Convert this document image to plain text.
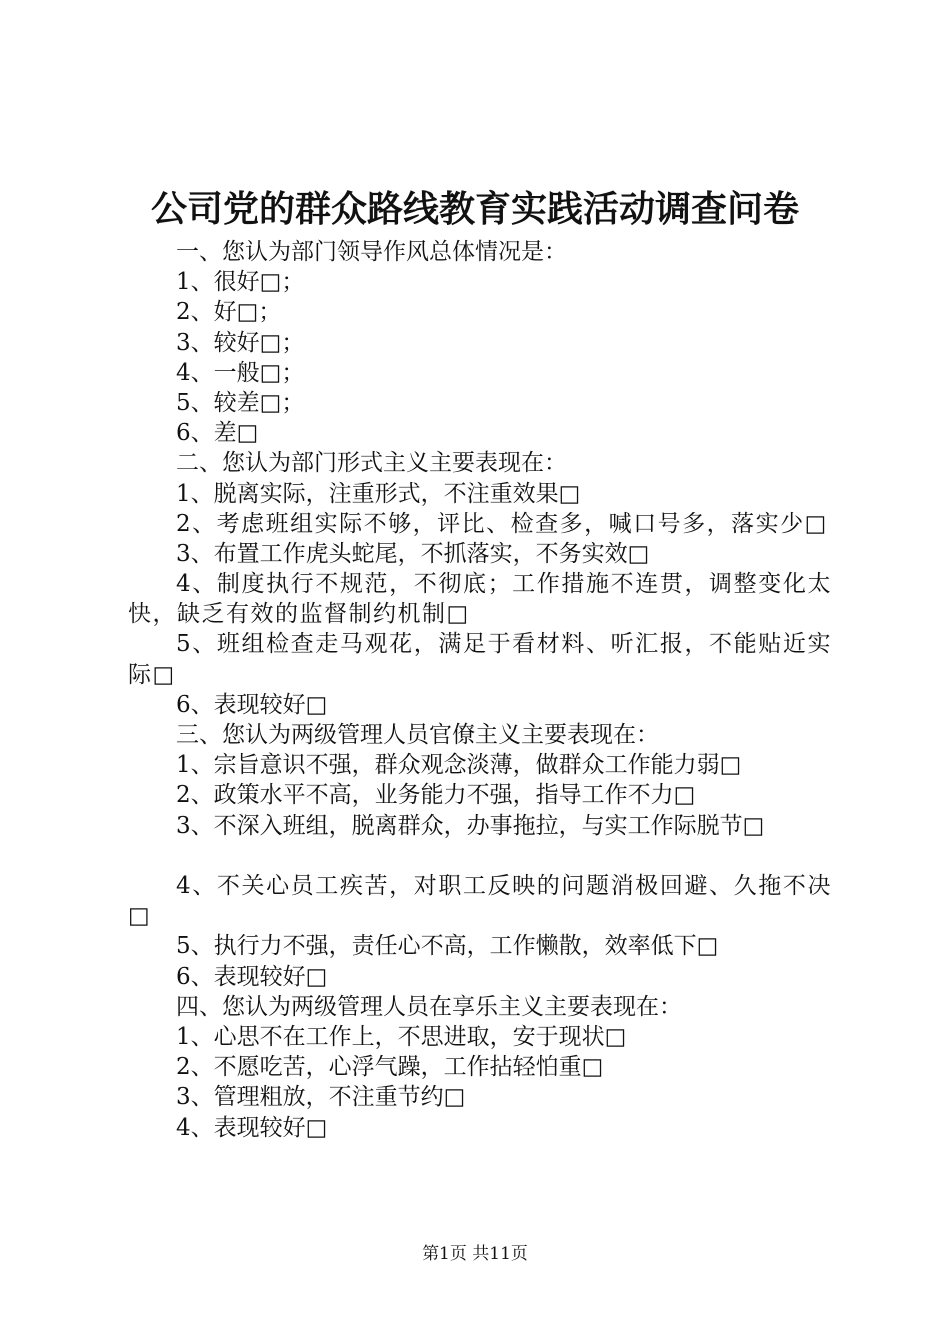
公司党的群众路线教育实践活动调查问卷
一、您认为部门领导作风总体情况是：
1、很好□；
2、好□；
3、较好□；
4、一般□；
5、较差□；
6、差□
二、您认为部门形式主义主要表现在：
1、脱离实际，注重形式，不注重效果□
2、考虑班组实际不够，评比、检查多，喊口号多，落实少□
3、布置工作虎头蛇尾，不抓落实，不务实效□
4、制度执行不规范，不彻底；工作措施不连贯，调整变化太快，缺乏有效的监督制约机制□
5、班组检查走马观花，满足于看材料、听汇报，不能贴近实际□
6、表现较好□
三、您认为两级管理人员官僚主义主要表现在：
1、宗旨意识不强，群众观念淡薄，做群众工作能力弱□
2、政策水平不高，业务能力不强，指导工作不力□
3、不深入班组，脱离群众，办事拖拉，与实工作际脱节□
4、不关心员工疾苦，对职工反映的问题消极回避、久拖不决□
5、执行力不强，责任心不高，工作懒散，效率低下□
6、表现较好□
四、您认为两级管理人员在享乐主义主要表现在：
1、心思不在工作上，不思进取，安于现状□
2、不愿吃苦，心浮气躁，工作拈轻怕重□
3、管理粗放，不注重节约□
4、表现较好□
第1页 共11页
